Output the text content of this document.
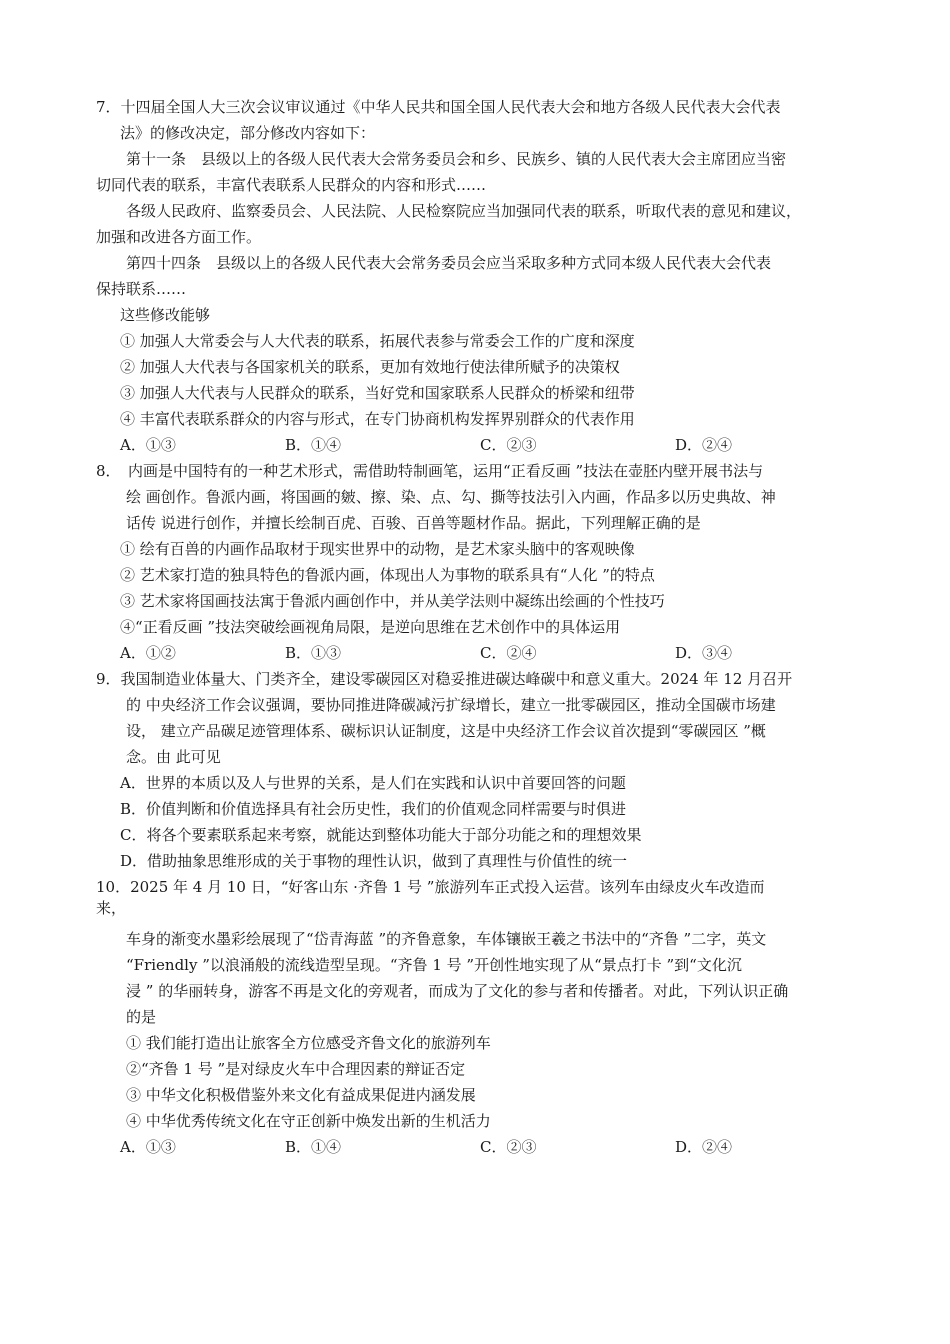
7．十四届全国人大三次会议审议通过《中华人民共和国全国人民代表大会和地方各级人民代表大会代表
法》的修改决定，部分修改内容如下：
第十一条　县级以上的各级人民代表大会常务委员会和乡、民族乡、镇的人民代表大会主席团应当密
切同代表的联系，丰富代表联系人民群众的内容和形式……
各级人民政府、监察委员会、人民法院、人民检察院应当加强同代表的联系，听取代表的意见和建议，
加强和改进各方面工作。
第四十四条　县级以上的各级人民代表大会常务委员会应当采取多种方式同本级人民代表大会代表
保持联系……
这些修改能够
① 加强人大常委会与人大代表的联系，拓展代表参与常委会工作的广度和深度
② 加强人大代表与各国家机关的联系，更加有效地行使法律所赋予的决策权
③ 加强人大代表与人民群众的联系，当好党和国家联系人民群众的桥梁和纽带
④ 丰富代表联系群众的内容与形式，在专门协商机构发挥界别群众的代表作用
A．①③	B．①④	C．②③	D．②④
8．　内画是中国特有的一种艺术形式，需借助特制画笔，运用“正看反画 ”技法在壶胚内壁开展书法与
绘 画创作。鲁派内画，将国画的皴、擦、染、点、勾、撕等技法引入内画，作品多以历史典故、神
话传 说进行创作，并擅长绘制百虎、百骏、百兽等题材作品。据此，下列理解正确的是
① 绘有百兽的内画作品取材于现实世界中的动物，是艺术家头脑中的客观映像
② 艺术家打造的独具特色的鲁派内画，体现出人为事物的联系具有“人化 ”的特点
③ 艺术家将国画技法寓于鲁派内画创作中，并从美学法则中凝练出绘画的个性技巧
④“正看反画 ”技法突破绘画视角局限，是逆向思维在艺术创作中的具体运用
A．①②	B．①③	C．②④	D．③④
9．我国制造业体量大、门类齐全，建设零碳园区对稳妥推进碳达峰碳中和意义重大。2024 年 12 月召开
的 中央经济工作会议强调，要协同推进降碳减污扩绿增长，建立一批零碳园区，推动全国碳市场建
设， 建立产品碳足迹管理体系、碳标识认证制度，这是中央经济工作会议首次提到“零碳园区 ”概
念。由 此可见
A．世界的本质以及人与世界的关系，是人们在实践和认识中首要回答的问题
B．价值判断和价值选择具有社会历史性，我们的价值观念同样需要与时俱进
C．将各个要素联系起来考察，就能达到整体功能大于部分功能之和的理想效果
D．借助抽象思维形成的关于事物的理性认识，做到了真理性与价值性的统一
10．2025 年 4 月 10 日，“好客山东 ·齐鲁 1 号 ”旅游列车正式投入运营。该列车由绿皮火车改造而
来，
车身的渐变水墨彩绘展现了“岱青海蓝 ”的齐鲁意象，车体镶嵌王羲之书法中的“齐鲁 ”二字，英文
“Friendly ”以浪涌般的流线造型呈现。“齐鲁 1 号 ”开创性地实现了从“景点打卡 ”到“文化沉
浸 ” 的华丽转身，游客不再是文化的旁观者，而成为了文化的参与者和传播者。对此，下列认识正确
的是
① 我们能打造出让旅客全方位感受齐鲁文化的旅游列车
②“齐鲁 1 号 ”是对绿皮火车中合理因素的辩证否定
③ 中华文化积极借鉴外来文化有益成果促进内涵发展
④ 中华优秀传统文化在守正创新中焕发出新的生机活力
A．①③	B．①④	C．②③	D．②④
